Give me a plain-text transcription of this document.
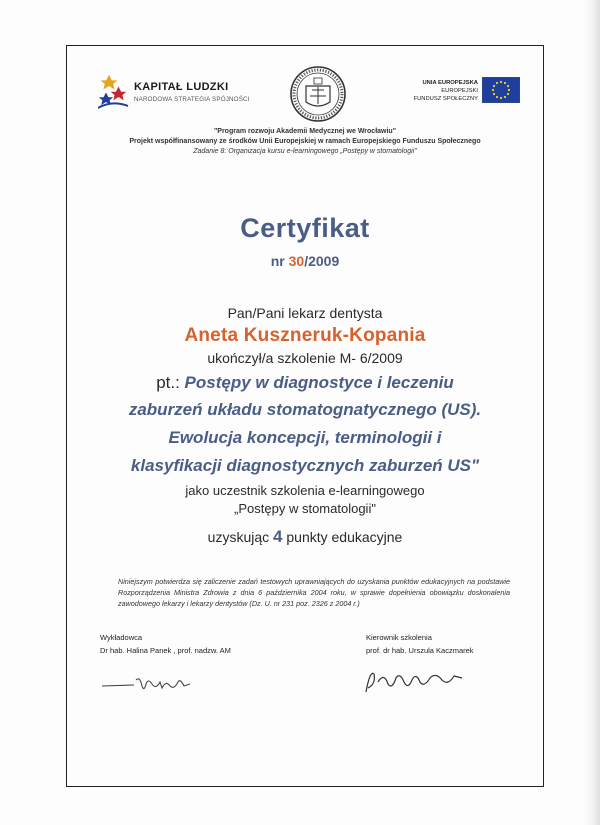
KAPITAŁ LUDZKI
NARODOWA STRATEGIA SPÓJNOŚCI
UNIA EUROPEJSKA
EUROPEJSKI
FUNDUSZ SPOŁECZNY
"Program rozwoju Akademii Medycznej we Wrocławiu"
Projekt współfinansowany ze środków Unii Europejskiej w ramach Europejskiego Funduszu Społecznego
Zadanie 8: Organizacja kursu e-learningowego „Postępy w stomatologii"
Certyfikat
nr 30/2009
Pan/Pani lekarz dentysta
Aneta Kuszneruk-Kopania
ukończył/a szkolenie M- 6/2009
pt.: Postępy w diagnostyce i leczeniu
zaburzeń układu stomatognatycznego (US).
Ewolucja koncepcji, terminologii i
klasyfikacji diagnostycznych zaburzeń US"
jako uczestnik szkolenia e-learningowego
„Postępy w stomatologii"
uzyskując 4 punkty edukacyjne
Niniejszym potwierdza się zaliczenie zadań testowych uprawniających do uzyskania punktów edukacyjnych na podstawie Rozporządzenia Ministra Zdrowia z dnia 6 października 2004 roku, w sprawie dopełnienia obowiązku doskonalenia zawodowego lekarzy i lekarzy dentystów (Dz. U. nr 231 poz. 2326 z 2004 r.)
Wykładowca
Dr hab. Halina Panek , prof. nadzw. AM
Kierownik szkolenia
prof. dr hab. Urszula Kaczmarek
